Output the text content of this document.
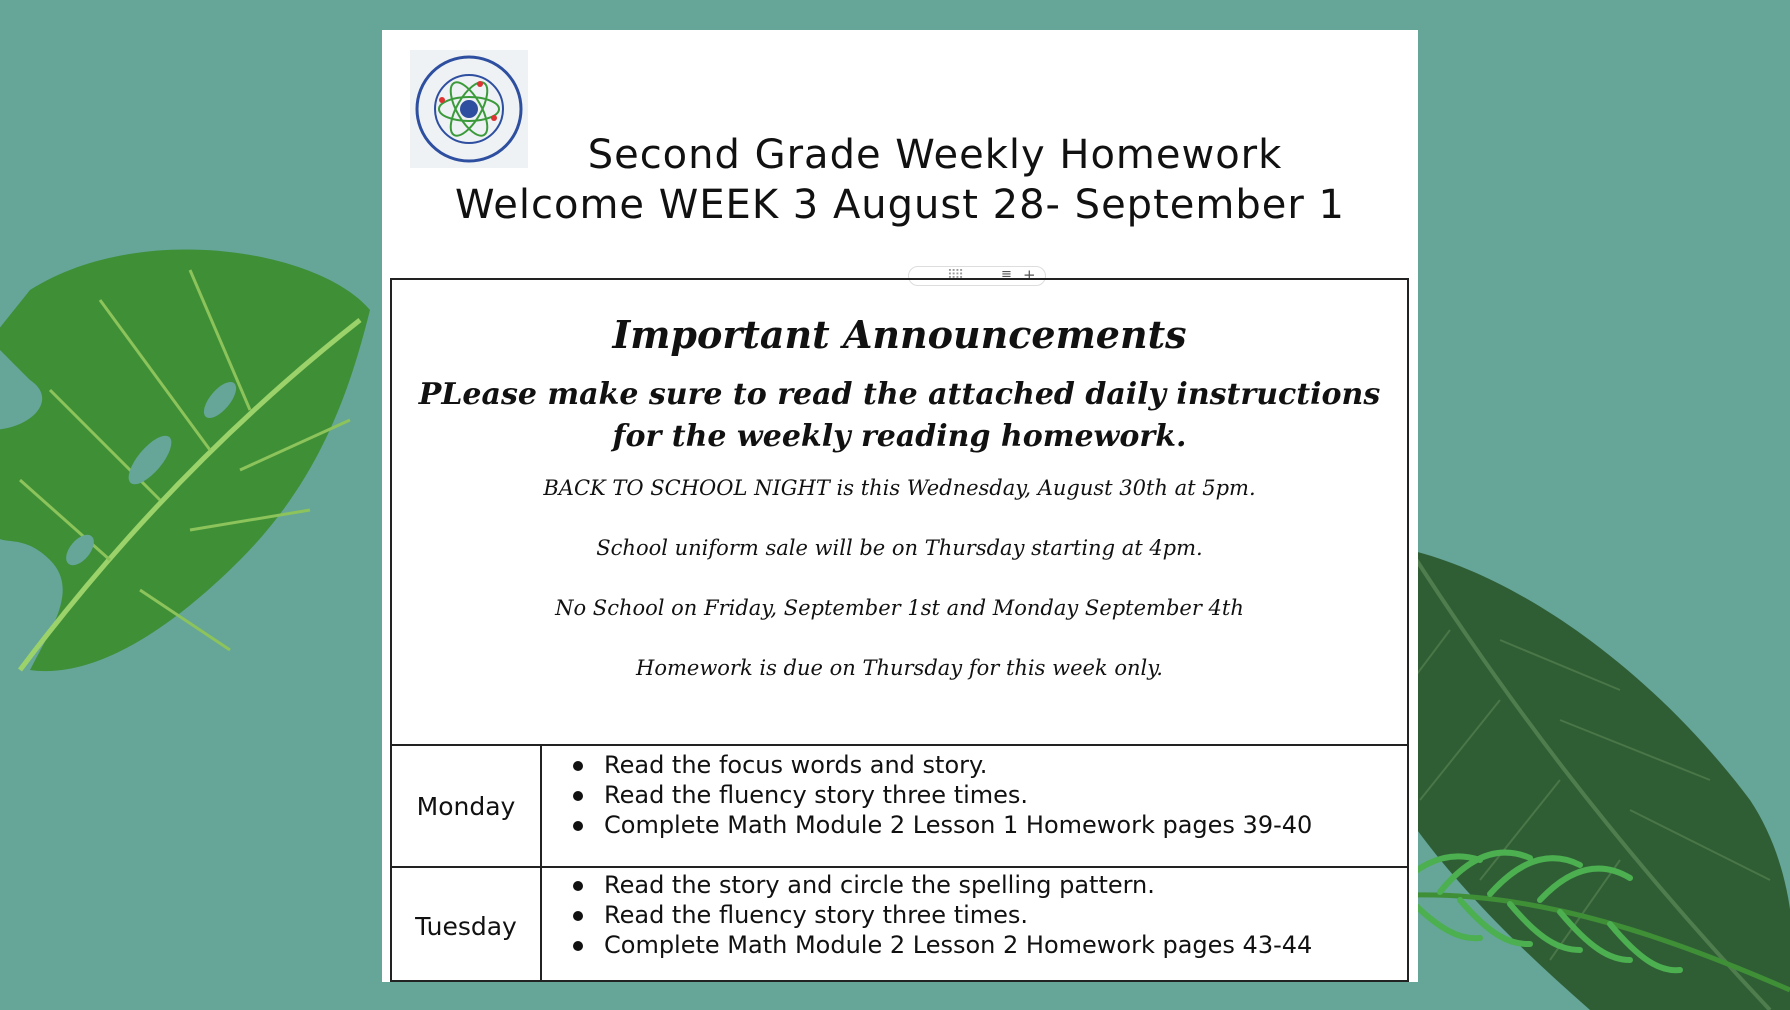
Second Grade Weekly Homework
Welcome WEEK 3 August 28- September 1
⠿⠿	≡ +
Important Announcements
PLease make sure to read the attached daily instructions for the weekly reading homework.
BACK TO SCHOOL NIGHT is this Wednesday, August 30th at 5pm.
School uniform sale will be on Thursday starting at 4pm.
No School on Friday, September 1st and Monday September 4th
Homework is due on Thursday for this week only.
Monday
Read the focus words and story.
Read the fluency story three times.
Complete Math Module 2 Lesson 1 Homework pages 39-40
Tuesday
Read the story and circle the spelling pattern.
Read the fluency story three times.
Complete Math Module 2 Lesson 2 Homework pages 43-44
